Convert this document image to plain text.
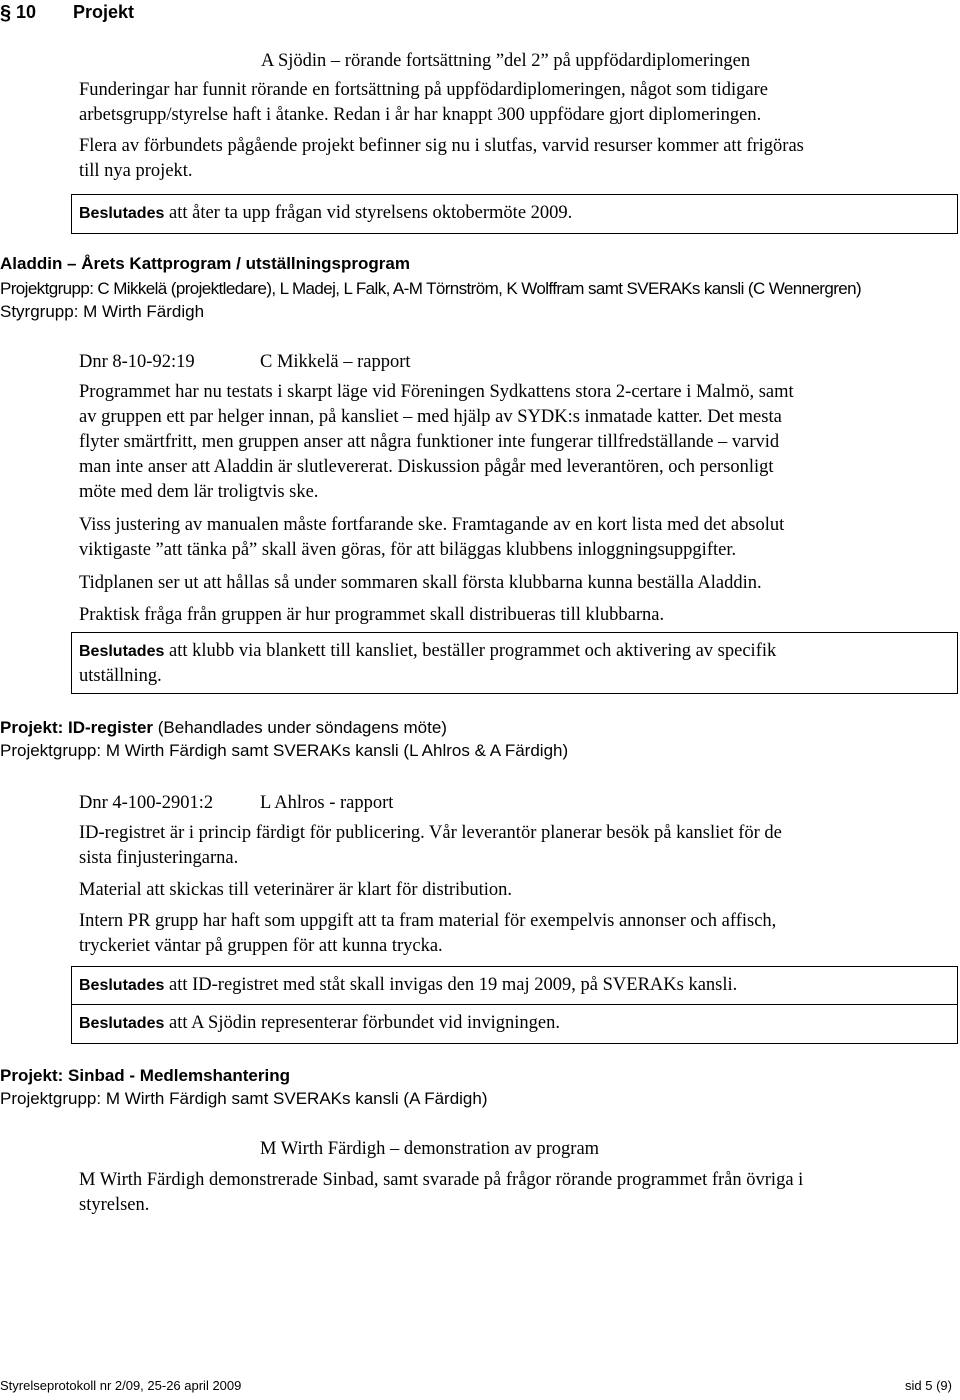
§ 10 Projekt
A Sjödin – rörande fortsättning ”del 2” på uppfödardiplomeringen
Funderingar har funnit rörande en fortsättning på uppfödardiplomeringen, något som tidigare
arbetsgrupp/styrelse haft i åtanke. Redan i år har knappt 300 uppfödare gjort diplomeringen.
Flera av förbundets pågående projekt befinner sig nu i slutfas, varvid resurser kommer att frigöras
till nya projekt.
Beslutades att åter ta upp frågan vid styrelsens oktobermöte 2009.
Aladdin – Årets Kattprogram / utställningsprogram
Projektgrupp: C Mikkelä (projektledare), L Madej, L Falk, A-M Törnström, K Wolffram samt SVERAKs kansli (C Wennergren)
Styrgrupp: M Wirth Färdigh
Dnr 8-10-92:19	C Mikkelä – rapport
Programmet har nu testats i skarpt läge vid Föreningen Sydkattens stora 2-certare i Malmö, samt
av gruppen ett par helger innan, på kansliet – med hjälp av SYDK:s inmatade katter. Det mesta
flyter smärtfritt, men gruppen anser att några funktioner inte fungerar tillfredställande – varvid
man inte anser att Aladdin är slutlevererat. Diskussion pågår med leverantören, och personligt
möte med dem lär troligtvis ske.
Viss justering av manualen måste fortfarande ske. Framtagande av en kort lista med det absolut
viktigaste ”att tänka på” skall även göras, för att biläggas klubbens inloggningsuppgifter.
Tidplanen ser ut att hållas så under sommaren skall första klubbarna kunna beställa Aladdin.
Praktisk fråga från gruppen är hur programmet skall distribueras till klubbarna.
Beslutades att klubb via blankett till kansliet, beställer programmet och aktivering av specifik
utställning.
Projekt: ID-register (Behandlades under söndagens möte)
Projektgrupp: M Wirth Färdigh samt SVERAKs kansli (L Ahlros & A Färdigh)
Dnr 4-100-2901:2	L Ahlros - rapport
ID-registret är i princip färdigt för publicering. Vår leverantör planerar besök på kansliet för de
sista finjusteringarna.
Material att skickas till veterinärer är klart för distribution.
Intern PR grupp har haft som uppgift att ta fram material för exempelvis annonser och affisch,
tryckeriet väntar på gruppen för att kunna trycka.
Beslutades att ID-registret med ståt skall invigas den 19 maj 2009, på SVERAKs kansli.
Beslutades att A Sjödin representerar förbundet vid invigningen.
Projekt: Sinbad - Medlemshantering
Projektgrupp: M Wirth Färdigh samt SVERAKs kansli (A Färdigh)
M Wirth Färdigh – demonstration av program
M Wirth Färdigh demonstrerade Sinbad, samt svarade på frågor rörande programmet från övriga i
styrelsen.
Styrelseprotokoll nr 2/09, 25-26 april 2009	sid 5 (9)
